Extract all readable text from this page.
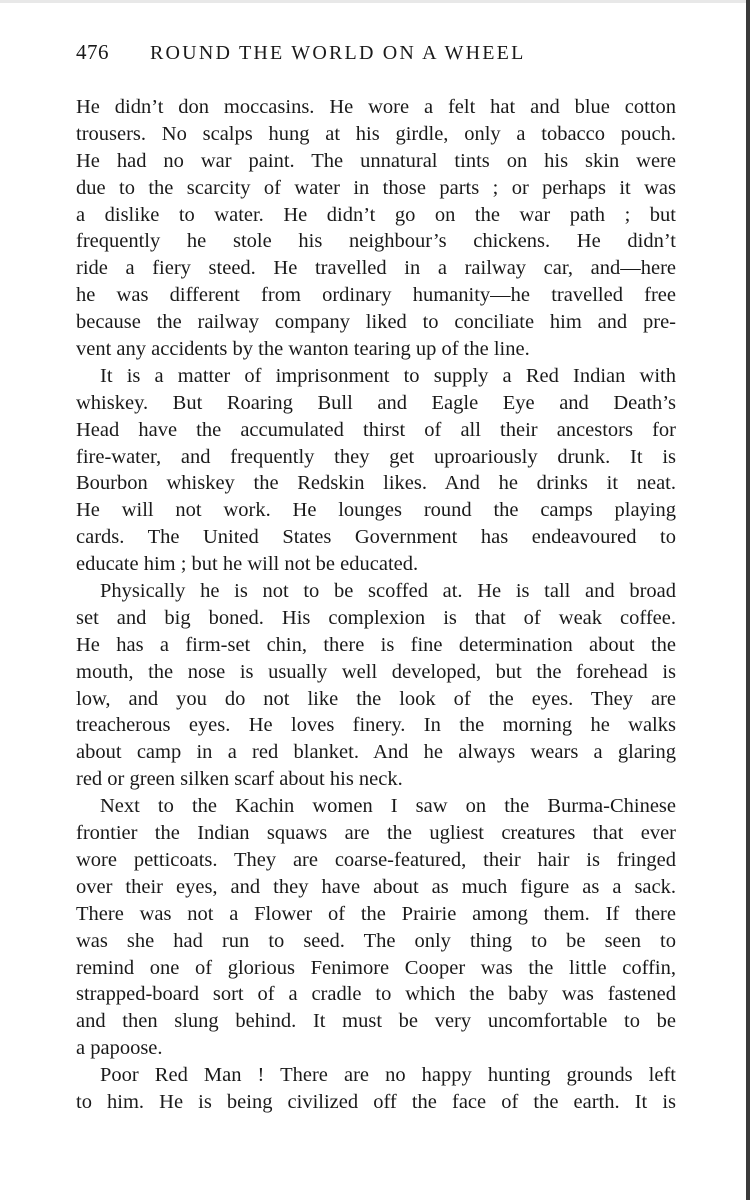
476	ROUND THE WORLD ON A WHEEL
He didn’t don moccasins. He wore a felt hat and blue cotton
trousers. No scalps hung at his girdle, only a tobacco pouch.
He had no war paint. The unnatural tints on his skin were
due to the scarcity of water in those parts ; or perhaps it was
a dislike to water. He didn’t go on the war path ; but
frequently he stole his neighbour’s chickens. He didn’t
ride a fiery steed. He travelled in a railway car, and—here
he was different from ordinary humanity—he travelled free
because the railway company liked to conciliate him and pre-
vent any accidents by the wanton tearing up of the line.
It is a matter of imprisonment to supply a Red Indian with
whiskey. But Roaring Bull and Eagle Eye and Death’s
Head have the accumulated thirst of all their ancestors for
fire-water, and frequently they get uproariously drunk. It is
Bourbon whiskey the Redskin likes. And he drinks it neat.
He will not work. He lounges round the camps playing
cards. The United States Government has endeavoured to
educate him ; but he will not be educated.
Physically he is not to be scoffed at. He is tall and broad
set and big boned. His complexion is that of weak coffee.
He has a firm-set chin, there is fine determination about the
mouth, the nose is usually well developed, but the forehead is
low, and you do not like the look of the eyes. They are
treacherous eyes. He loves finery. In the morning he walks
about camp in a red blanket. And he always wears a glaring
red or green silken scarf about his neck.
Next to the Kachin women I saw on the Burma-Chinese
frontier the Indian squaws are the ugliest creatures that ever
wore petticoats. They are coarse-featured, their hair is fringed
over their eyes, and they have about as much figure as a sack.
There was not a Flower of the Prairie among them. If there
was she had run to seed. The only thing to be seen to
remind one of glorious Fenimore Cooper was the little coffin,
strapped-board sort of a cradle to which the baby was fastened
and then slung behind. It must be very uncomfortable to be
a papoose.
Poor Red Man ! There are no happy hunting grounds left
to him. He is being civilized off the face of the earth. It is
